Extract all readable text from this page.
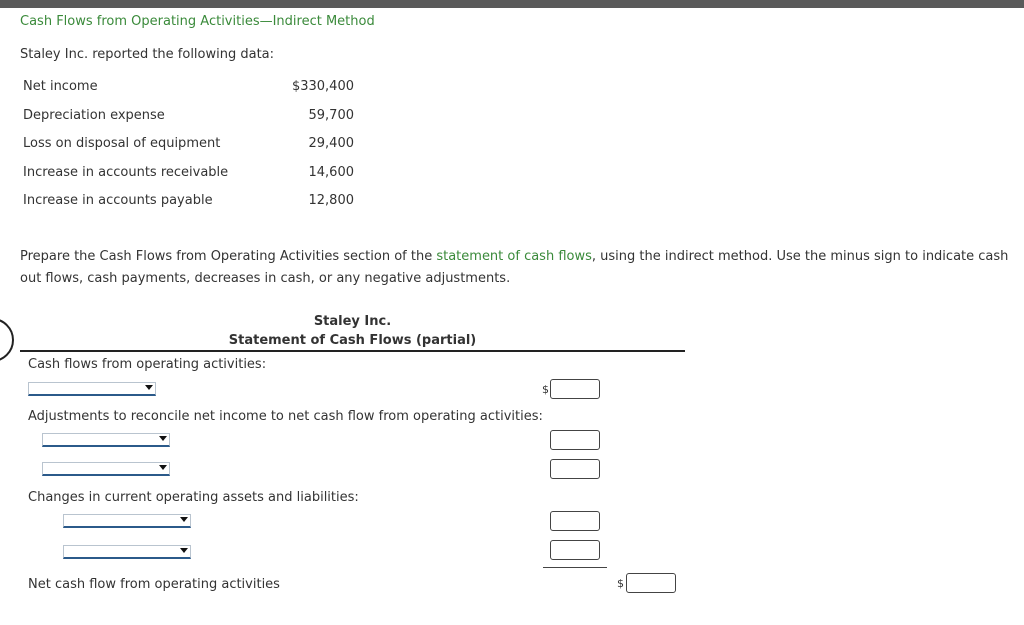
Cash Flows from Operating Activities—Indirect Method
Staley Inc. reported the following data:
Net income	$330,400
Depreciation expense	59,700
Loss on disposal of equipment	29,400
Increase in accounts receivable	14,600
Increase in accounts payable	12,800
Prepare the Cash Flows from Operating Activities section of the statement of cash flows, using the indirect method. Use the minus sign to indicate cash out flows, cash payments, decreases in cash, or any negative adjustments.
Staley Inc.
Statement of Cash Flows (partial)
Cash flows from operating activities:
$
Adjustments to reconcile net income to net cash flow from operating activities:
Changes in current operating assets and liabilities:
Net cash flow from operating activities	$
